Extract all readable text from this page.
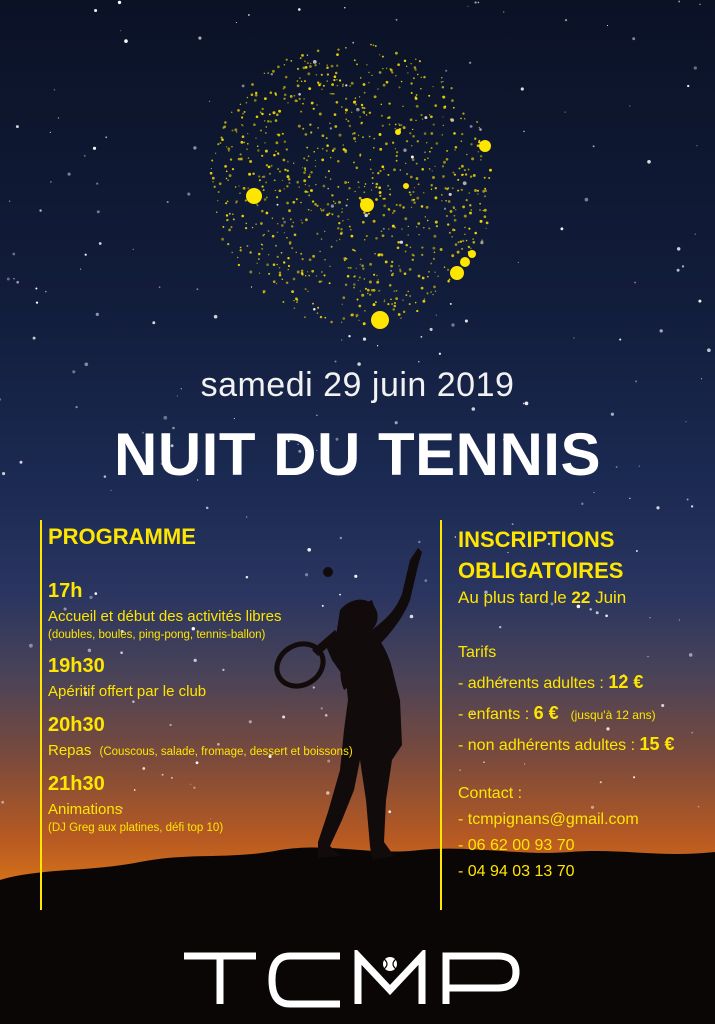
samedi 29 juin 2019
NUIT DU TENNIS
PROGRAMME
17h
Accueil et début des activités libres
(doubles, boules, ping-pong, tennis-ballon)
19h30
Apéritif offert par le club
20h30
Repas (Couscous, salade, fromage, dessert et boissons)
21h30
Animations
(DJ Greg aux platines, défi top 10)
INSCRIPTIONS
OBLIGATOIRES
Au plus tard le 22 Juin
Tarifs
- adhérents adultes : 12 €
- enfants : 6 € (jusqu'à 12 ans)
- non adhérents adultes : 15 €
Contact :
- tcmpignans@gmail.com
- 06 62 00 93 70
- 04 94 03 13 70
